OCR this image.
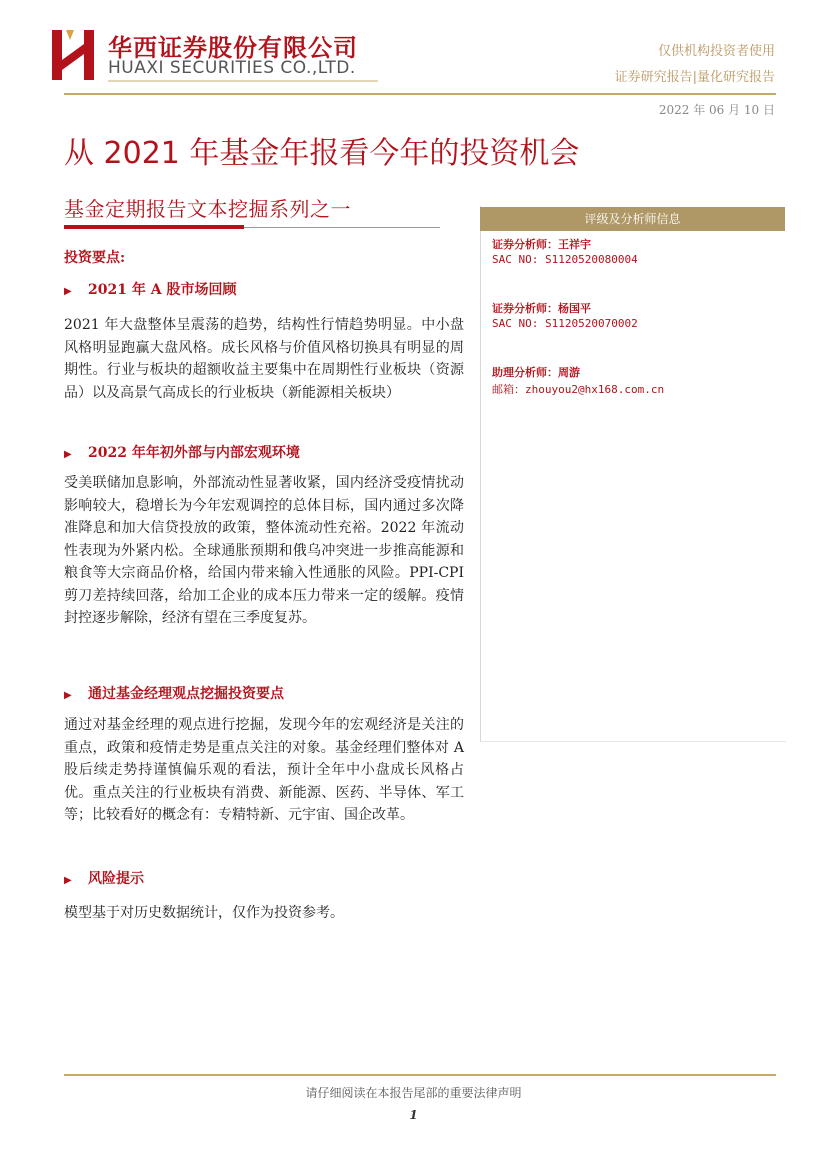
华西证券股份有限公司
HUAXI SECURITIES CO.,LTD.
仅供机构投资者使用
证券研究报告|量化研究报告
2022 年 06 月 10 日
从 2021 年基金年报看今年的投资机会
基金定期报告文本挖掘系列之一
投资要点:
▶ 2021 年 A 股市场回顾
2021 年大盘整体呈震荡的趋势，结构性行情趋势明显。中小盘风格明显跑赢大盘风格。成长风格与价值风格切换具有明显的周期性。行业与板块的超额收益主要集中在周期性行业板块（资源品）以及高景气高成长的行业板块（新能源相关板块）
▶ 2022 年年初外部与内部宏观环境
受美联储加息影响，外部流动性显著收紧，国内经济受疫情扰动影响较大，稳增长为今年宏观调控的总体目标，国内通过多次降准降息和加大信贷投放的政策，整体流动性充裕。2022 年流动性表现为外紧内松。全球通胀预期和俄乌冲突进一步推高能源和粮食等大宗商品价格，给国内带来输入性通胀的风险。PPI-CPI 剪刀差持续回落，给加工企业的成本压力带来一定的缓解。疫情封控逐步解除，经济有望在三季度复苏。
▶ 通过基金经理观点挖掘投资要点
通过对基金经理的观点进行挖掘，发现今年的宏观经济是关注的重点，政策和疫情走势是重点关注的对象。基金经理们整体对 A 股后续走势持谨慎偏乐观的看法，预计全年中小盘成长风格占优。重点关注的行业板块有消费、新能源、医药、半导体、军工等；比较看好的概念有：专精特新、元宇宙、国企改革。
▶ 风险提示
模型基于对历史数据统计，仅作为投资参考。
评级及分析师信息
证券分析师：王祥宇
SAC NO: S1120520080004
证券分析师：杨国平
SAC NO: S1120520070002
助理分析师：周游
邮箱：zhouyou2@hx168.com.cn
请仔细阅读在本报告尾部的重要法律声明
1
